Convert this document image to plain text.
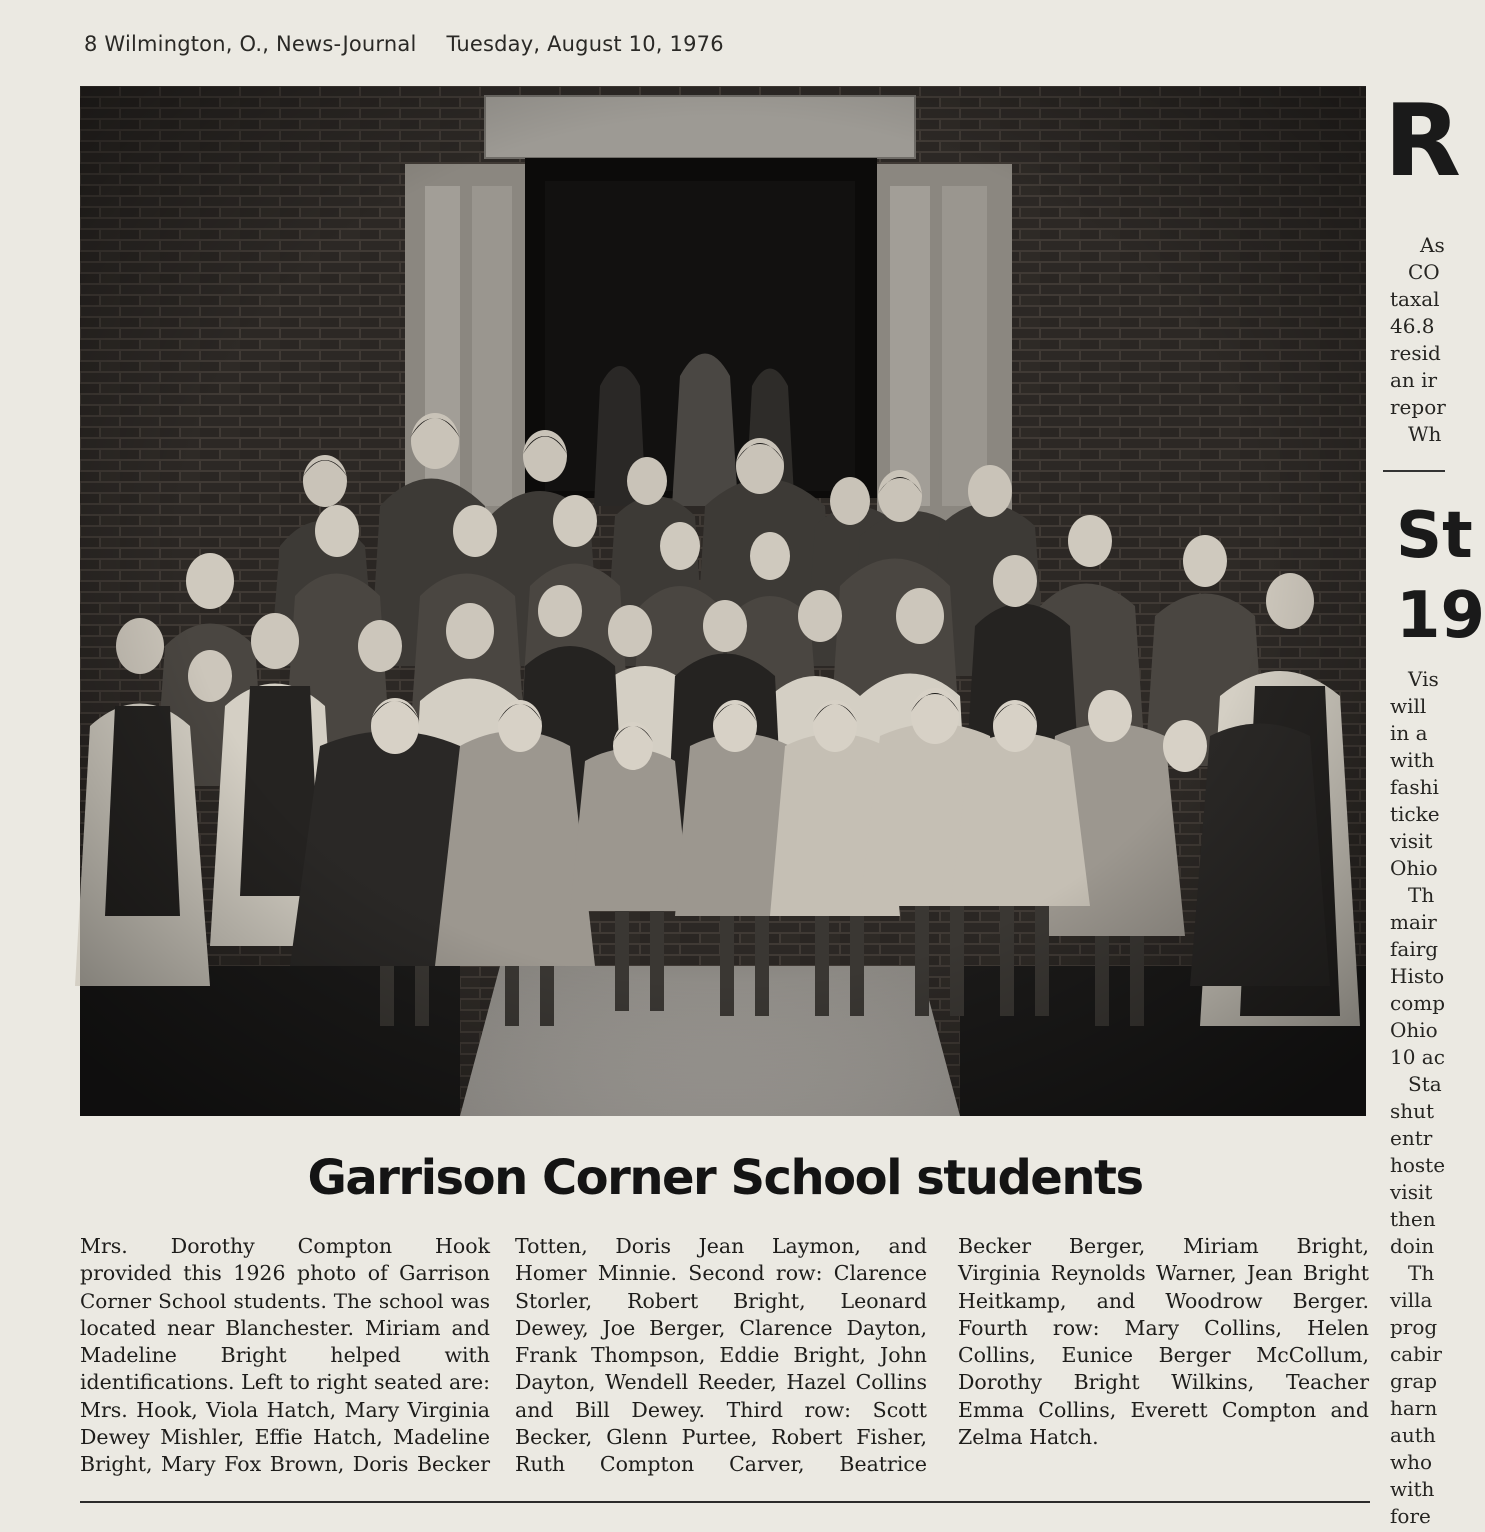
8 Wilmington, O., News-Journal Tuesday, August 10, 1976
R
As
CO
taxal
46.8
resid
an ir
repor
Wh
St
19
Vis
will
in a
with
fashi
ticke
visit
Ohio
Th
mair
fairg
Histo
comp
Ohio
10 ac
Sta
shut
entr
hoste
visit
then
doin
Th
villa
prog
cabir
grap
harn
auth
who
with
fore
Garrison Corner School students
Mrs. Dorothy Compton Hook
provided this 1926 photo of Garrison
Corner School students. The school was
located near Blanchester. Miriam and
Madeline Bright helped with
identifications. Left to right seated are:
Mrs. Hook, Viola Hatch, Mary Virginia
Dewey Mishler, Effie Hatch, Madeline
Bright, Mary Fox Brown, Doris Becker
Totten, Doris Jean Laymon, and
Homer Minnie. Second row: Clarence
Storler, Robert Bright, Leonard
Dewey, Joe Berger, Clarence Dayton,
Frank Thompson, Eddie Bright, John
Dayton, Wendell Reeder, Hazel Collins
and Bill Dewey. Third row: Scott
Becker, Glenn Purtee, Robert Fisher,
Ruth Compton Carver, Beatrice
Becker Berger, Miriam Bright,
Virginia Reynolds Warner, Jean Bright
Heitkamp, and Woodrow Berger.
Fourth row: Mary Collins, Helen
Collins, Eunice Berger McCollum,
Dorothy Bright Wilkins, Teacher
Emma Collins, Everett Compton and
Zelma Hatch.
